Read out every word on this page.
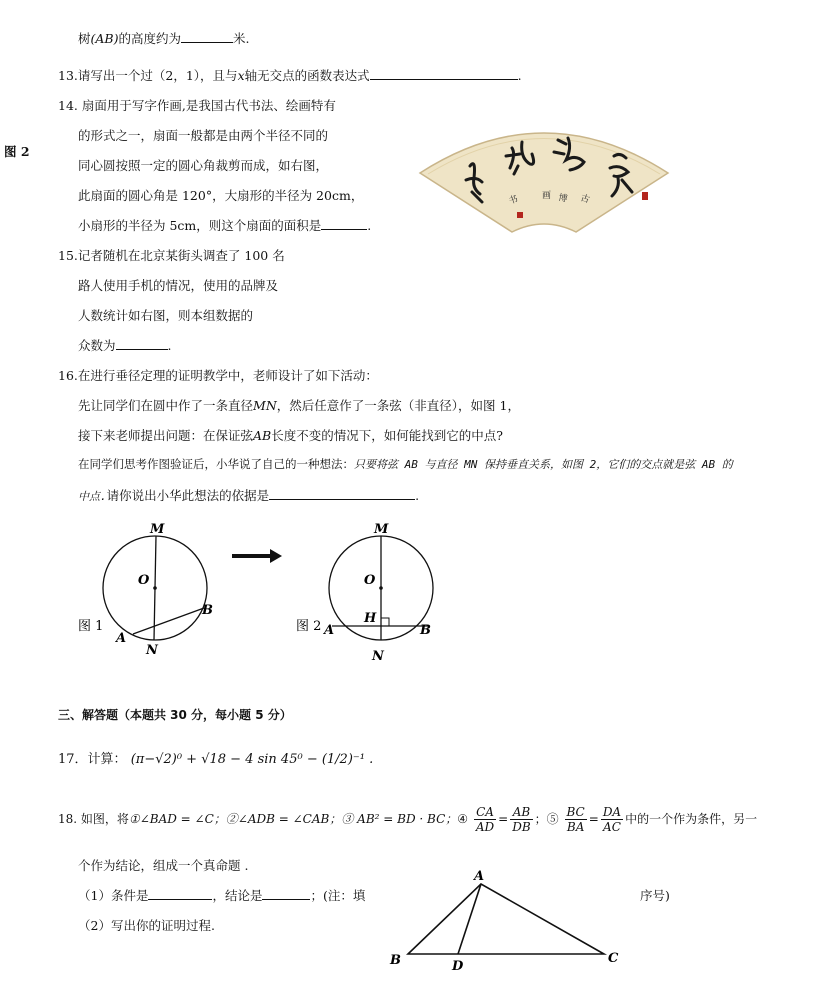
树(AB)的高度约为	米.
图 2
13.请写出一个过（2，1），且与x轴无交点的函数表达式	.
14. 扇面用于写字作画,是我国古代书法、绘画特有
的形式之一，扇面一般都是由两个半径不同的
同心圆按照一定的圆心角裁剪而成，如右图，
此扇面的圆心角是 120°，大扇形的半径为 20cm，
小扇形的半径为 5cm，则这个扇面的面积是	.
书	画 博 古
15.记者随机在北京某街头调查了 100 名
路人使用手机的情况，使用的品牌及
人数统计如右图，则本组数据的
众数为	.
16.在进行垂径定理的证明教学中，老师设计了如下活动：
先让同学们在圆中作了一条直径MN，然后任意作了一条弦（非直径），如图 1，
接下来老师提出问题：在保证弦AB长度不变的情况下，如何能找到它的中点?
在同学们思考作图验证后，小华说了自己的一种想法：只要将弦 AB 与直径 MN 保持垂直关系，如图 2，它们的交点就是弦 AB 的
中点.请你说出小华此想法的依据是	.
M
O
B
A
N
图 1
M
O
H
B
A
N
图 2
三、解答题（本题共 30 分，每小题 5 分）
17．计算： (π−√2)⁰ + √18 − 4 sin 45⁰ − (1/2)⁻¹ .
18. 如图，将①∠BAD = ∠C；②∠ADB = ∠CAB；③ AB² = BD · BC；④ $\frac{CA}{AD} = \frac{AB}{DB}$ ；⑤ $\frac{BC}{BA} = \frac{DA}{AC}$ 中的一个作为条件，另一
个作为结论，组成一个真命题 .
（1）条件是	，结论是	；(注：填	序号)
（2）写出你的证明过程.
A
B	C
D
